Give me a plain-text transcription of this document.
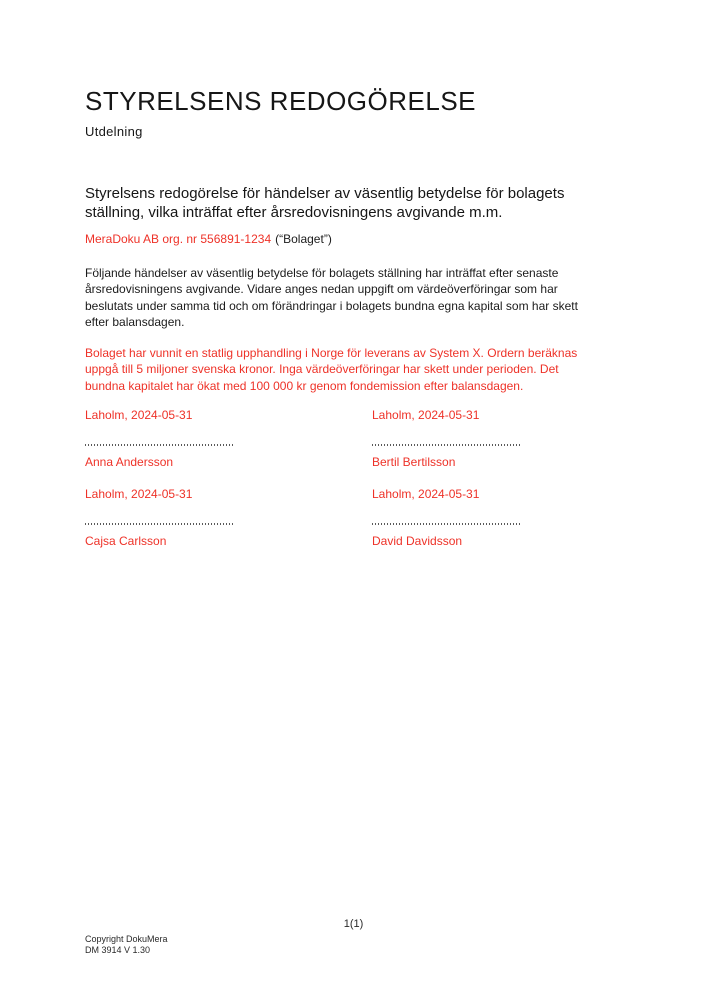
STYRELSENS REDOGÖRELSE
Utdelning
Styrelsens redogörelse för händelser av väsentlig betydelse för bolagets ställning, vilka inträffat efter årsredovisningens avgivande m.m.

MeraDoku AB org. nr 556891-1234 (“Bolaget”)

Följande händelser av väsentlig betydelse för bolagets ställning har inträffat efter senaste årsredovisningens avgivande. Vidare anges nedan uppgift om värdeöverföringar som har beslutats under samma tid och om förändringar i bolagets bundna egna kapital som har skett efter balansdagen.

Bolaget har vunnit en statlig upphandling i Norge för leverans av System X. Ordern beräknas uppgå till 5 miljoner svenska kronor. Inga värdeöverföringar har skett under perioden. Det bundna kapitalet har ökat med 100 000 kr genom fondemission efter balansdagen.

Laholm, 2024-05-31
Anna Andersson
Laholm, 2024-05-31
Bertil Bertilsson
Laholm, 2024-05-31
Cajsa Carlsson
Laholm, 2024-05-31
David Davidsson
1(1)
Copyright DokuMera
DM 3914 V 1.30
